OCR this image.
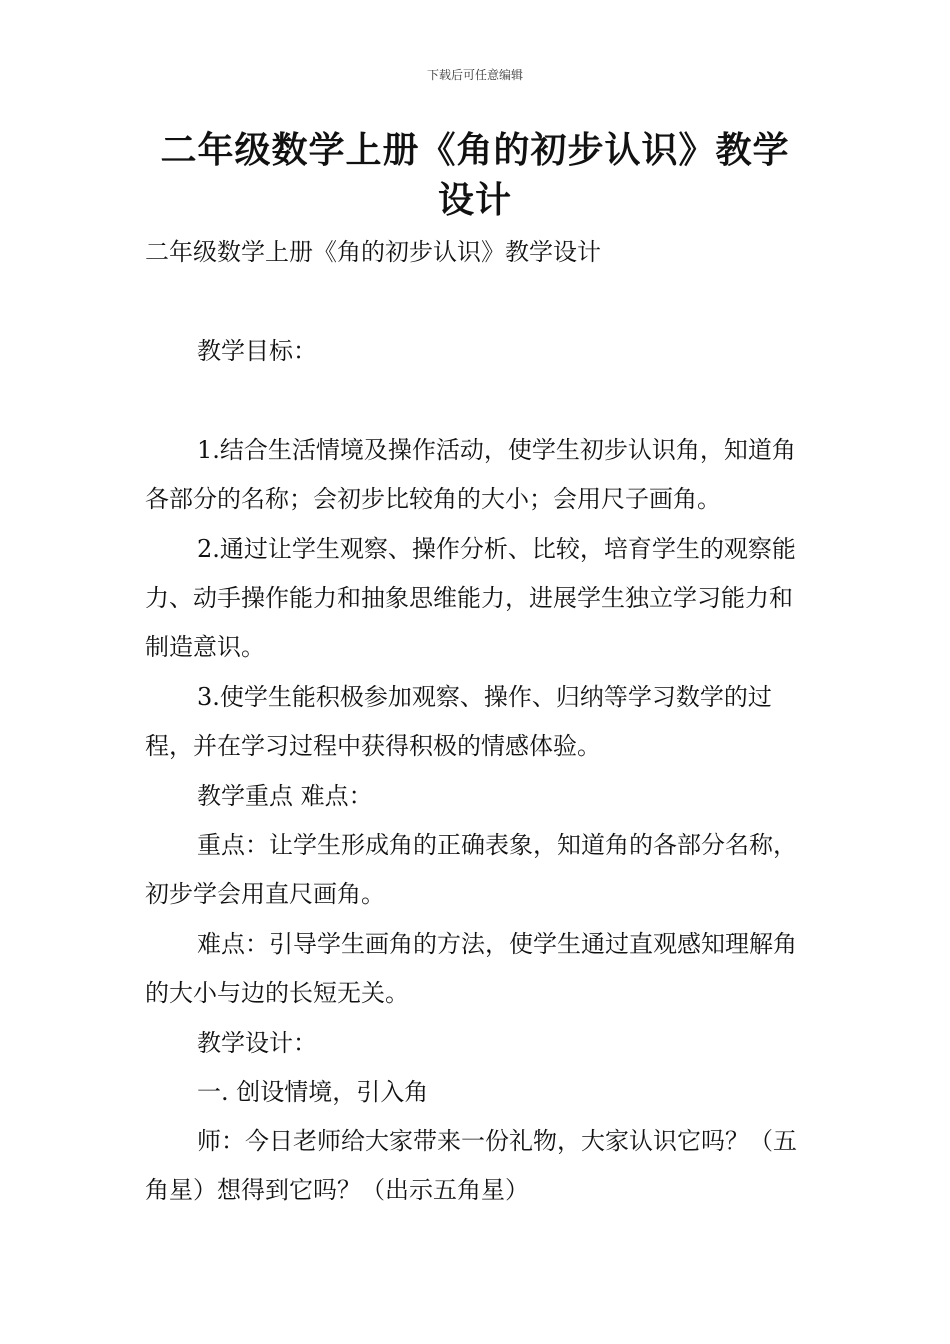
下载后可任意编辑
二年级数学上册《角的初步认识》教学设计

二年级数学上册《角的初步认识》教学设计

教学目标：

1.结合生活情境及操作活动，使学生初步认识角，知道角各部分的名称；会初步比较角的大小；会用尺子画角。

2.通过让学生观察、操作分析、比较，培育学生的观察能力、动手操作能力和抽象思维能力，进展学生独立学习能力和制造意识。

3.使学生能积极参加观察、操作、归纳等学习数学的过程，并在学习过程中获得积极的情感体验。

教学重点 难点：

重点：让学生形成角的正确表象，知道角的各部分名称，初步学会用直尺画角。

难点：引导学生画角的方法，使学生通过直观感知理解角的大小与边的长短无关。

教学设计：

一. 创设情境，引入角

师：今日老师给大家带来一份礼物，大家认识它吗？（五角星）想得到它吗？（出示五角星）
